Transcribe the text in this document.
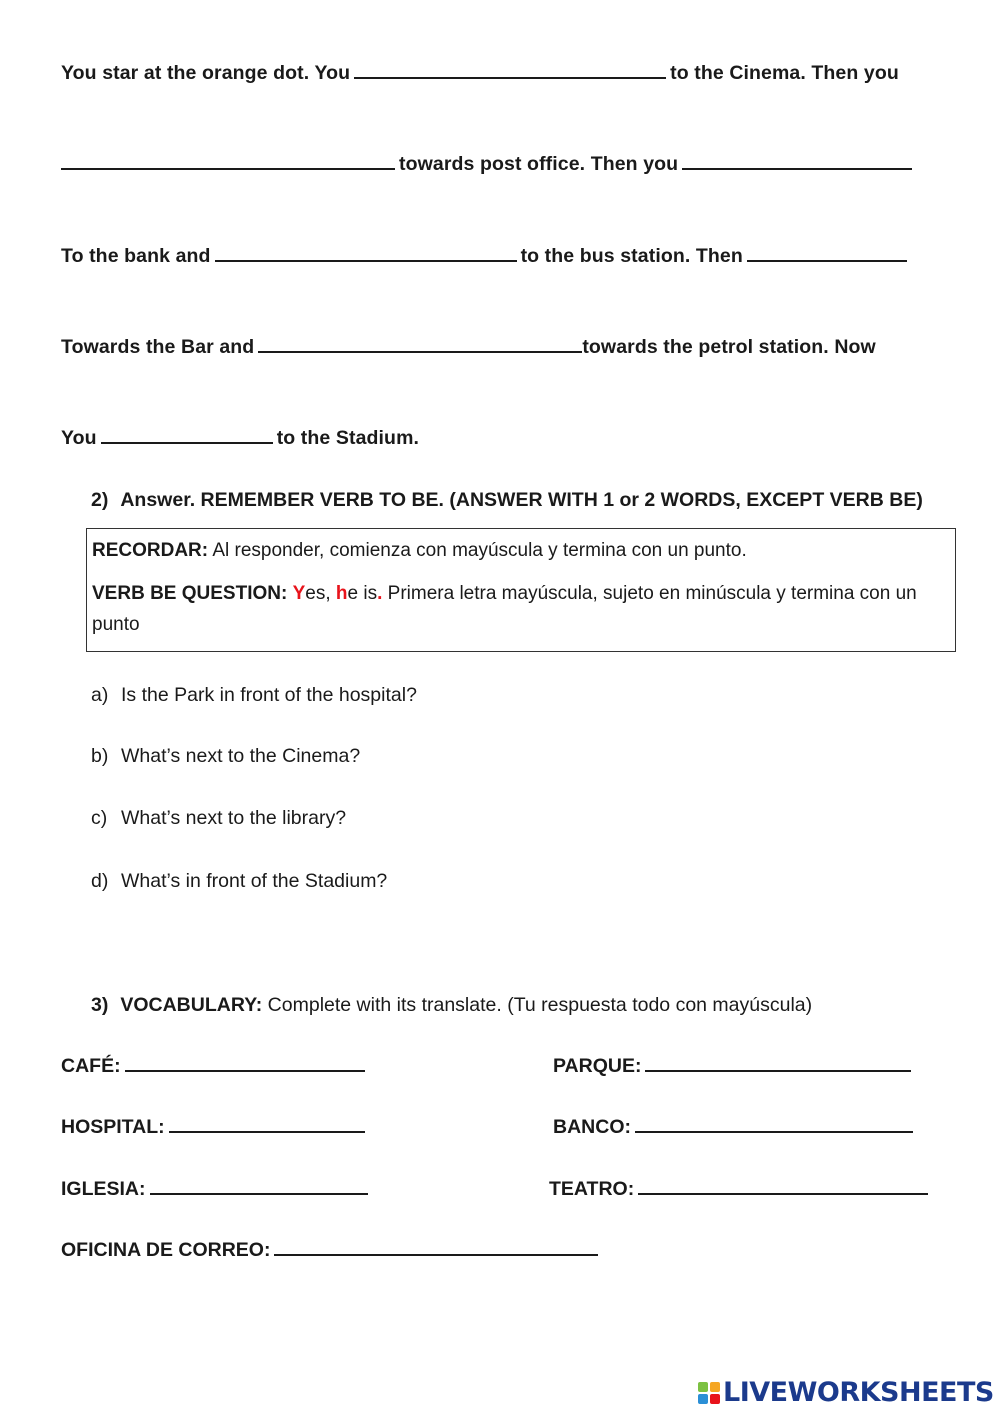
You star at the orange dot. You	to the Cinema. Then you
towards post office. Then you
To the bank and	to the bus station. Then
Towards the Bar and	towards the petrol station. Now
You	to the Stadium.
2) Answer. REMEMBER VERB TO BE. (ANSWER WITH 1 or 2 WORDS, EXCEPT VERB BE)

RECORDAR: Al responder, comienza con mayúscula y termina con un punto.

VERB BE QUESTION: Yes, he is. Primera letra mayúscula, sujeto en minúscula y termina con un punto

a) Is the Park in front of the hospital?
b) What’s next to the Cinema?
c) What’s next to the library?
d) What’s in front of the Stadium?
3) VOCABULARY: Complete with its translate. (Tu respuesta todo con mayúscula)
CAFÉ:	PARQUE:
HOSPITAL:	BANCO:
IGLESIA:	TEATRO:
OFICINA DE CORREO:
LIVEWORKSHEETS
